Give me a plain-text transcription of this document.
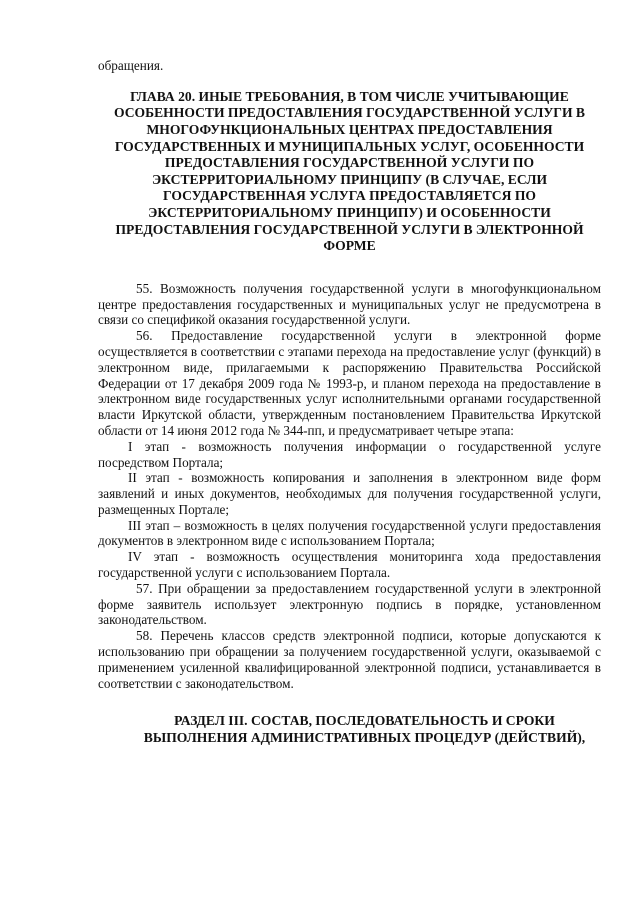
обращения.

ГЛАВА 20. ИНЫЕ ТРЕБОВАНИЯ, В ТОМ ЧИСЛЕ УЧИТЫВАЮЩИЕ ОСОБЕННОСТИ ПРЕДОСТАВЛЕНИЯ ГОСУДАРСТВЕННОЙ УСЛУГИ В МНОГОФУНКЦИОНАЛЬНЫХ ЦЕНТРАХ ПРЕДОСТАВЛЕНИЯ ГОСУДАРСТВЕННЫХ И МУНИЦИПАЛЬНЫХ УСЛУГ, ОСОБЕННОСТИ ПРЕДОСТАВЛЕНИЯ ГОСУДАРСТВЕННОЙ УСЛУГИ ПО ЭКСТЕРРИТОРИАЛЬНОМУ ПРИНЦИПУ (В СЛУЧАЕ, ЕСЛИ ГОСУДАРСТВЕННАЯ УСЛУГА ПРЕДОСТАВЛЯЕТСЯ ПО ЭКСТЕРРИТОРИАЛЬНОМУ ПРИНЦИПУ) И ОСОБЕННОСТИ ПРЕДОСТАВЛЕНИЯ ГОСУДАРСТВЕННОЙ УСЛУГИ В ЭЛЕКТРОННОЙ ФОРМЕ

55. Возможность получения государственной услуги в многофункциональном центре предоставления государственных и муниципальных услуг не предусмотрена в связи со спецификой оказания государственной услуги.

56. Предоставление государственной услуги в электронной форме осуществляется в соответствии с этапами перехода на предоставление услуг (функций) в электронном виде, прилагаемыми к распоряжению Правительства Российской Федерации от 17 декабря 2009 года № 1993-р, и планом перехода на предоставление в электронном виде государственных услуг исполнительными органами государственной власти Иркутской области, утвержденным постановлением Правительства Иркутской области от 14 июня 2012 года № 344-пп, и предусматривает четыре этапа:

I этап - возможность получения информации о государственной услуге посредством Портала;

II этап - возможность копирования и заполнения в электронном виде форм заявлений и иных документов, необходимых для получения государственной услуги, размещенных Портале;

III этап – возможность в целях получения государственной услуги предоставления документов в электронном виде с использованием Портала;

IV этап - возможность осуществления мониторинга хода предоставления государственной услуги с использованием Портала.

57. При обращении за предоставлением государственной услуги в электронной форме заявитель использует электронную подпись в порядке, установленном законодательством.

58. Перечень классов средств электронной подписи, которые допускаются к использованию при обращении за получением государственной услуги, оказываемой с применением усиленной квалифицированной электронной подписи, устанавливается в соответствии с законодательством.

РАЗДЕЛ III. СОСТАВ, ПОСЛЕДОВАТЕЛЬНОСТЬ И СРОКИ ВЫПОЛНЕНИЯ АДМИНИСТРАТИВНЫХ ПРОЦЕДУР (ДЕЙСТВИЙ),
